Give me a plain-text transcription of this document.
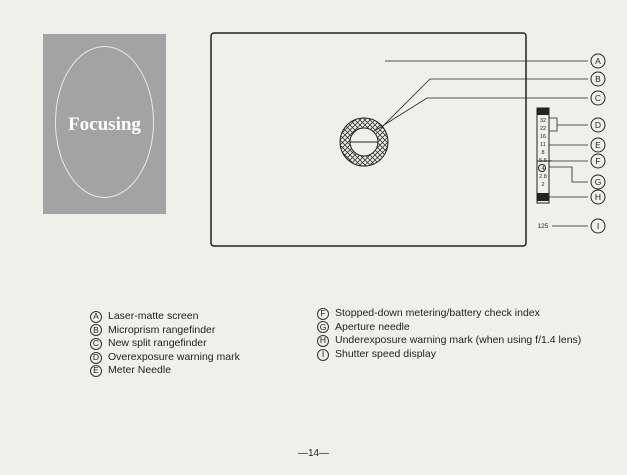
Focusing
A
B
C
D
E
F
G
H
I
32
22
16
11
8
5.6
4
2.8
2
125
A Laser-matte screen
B Microprism rangefinder
C New split rangefinder
D Overexposure warning mark
E Meter Needle
F Stopped-down metering/battery check index
G Aperture needle
H Underexposure warning mark (when using f/1.4 lens)
I	Shutter speed display
—14—
